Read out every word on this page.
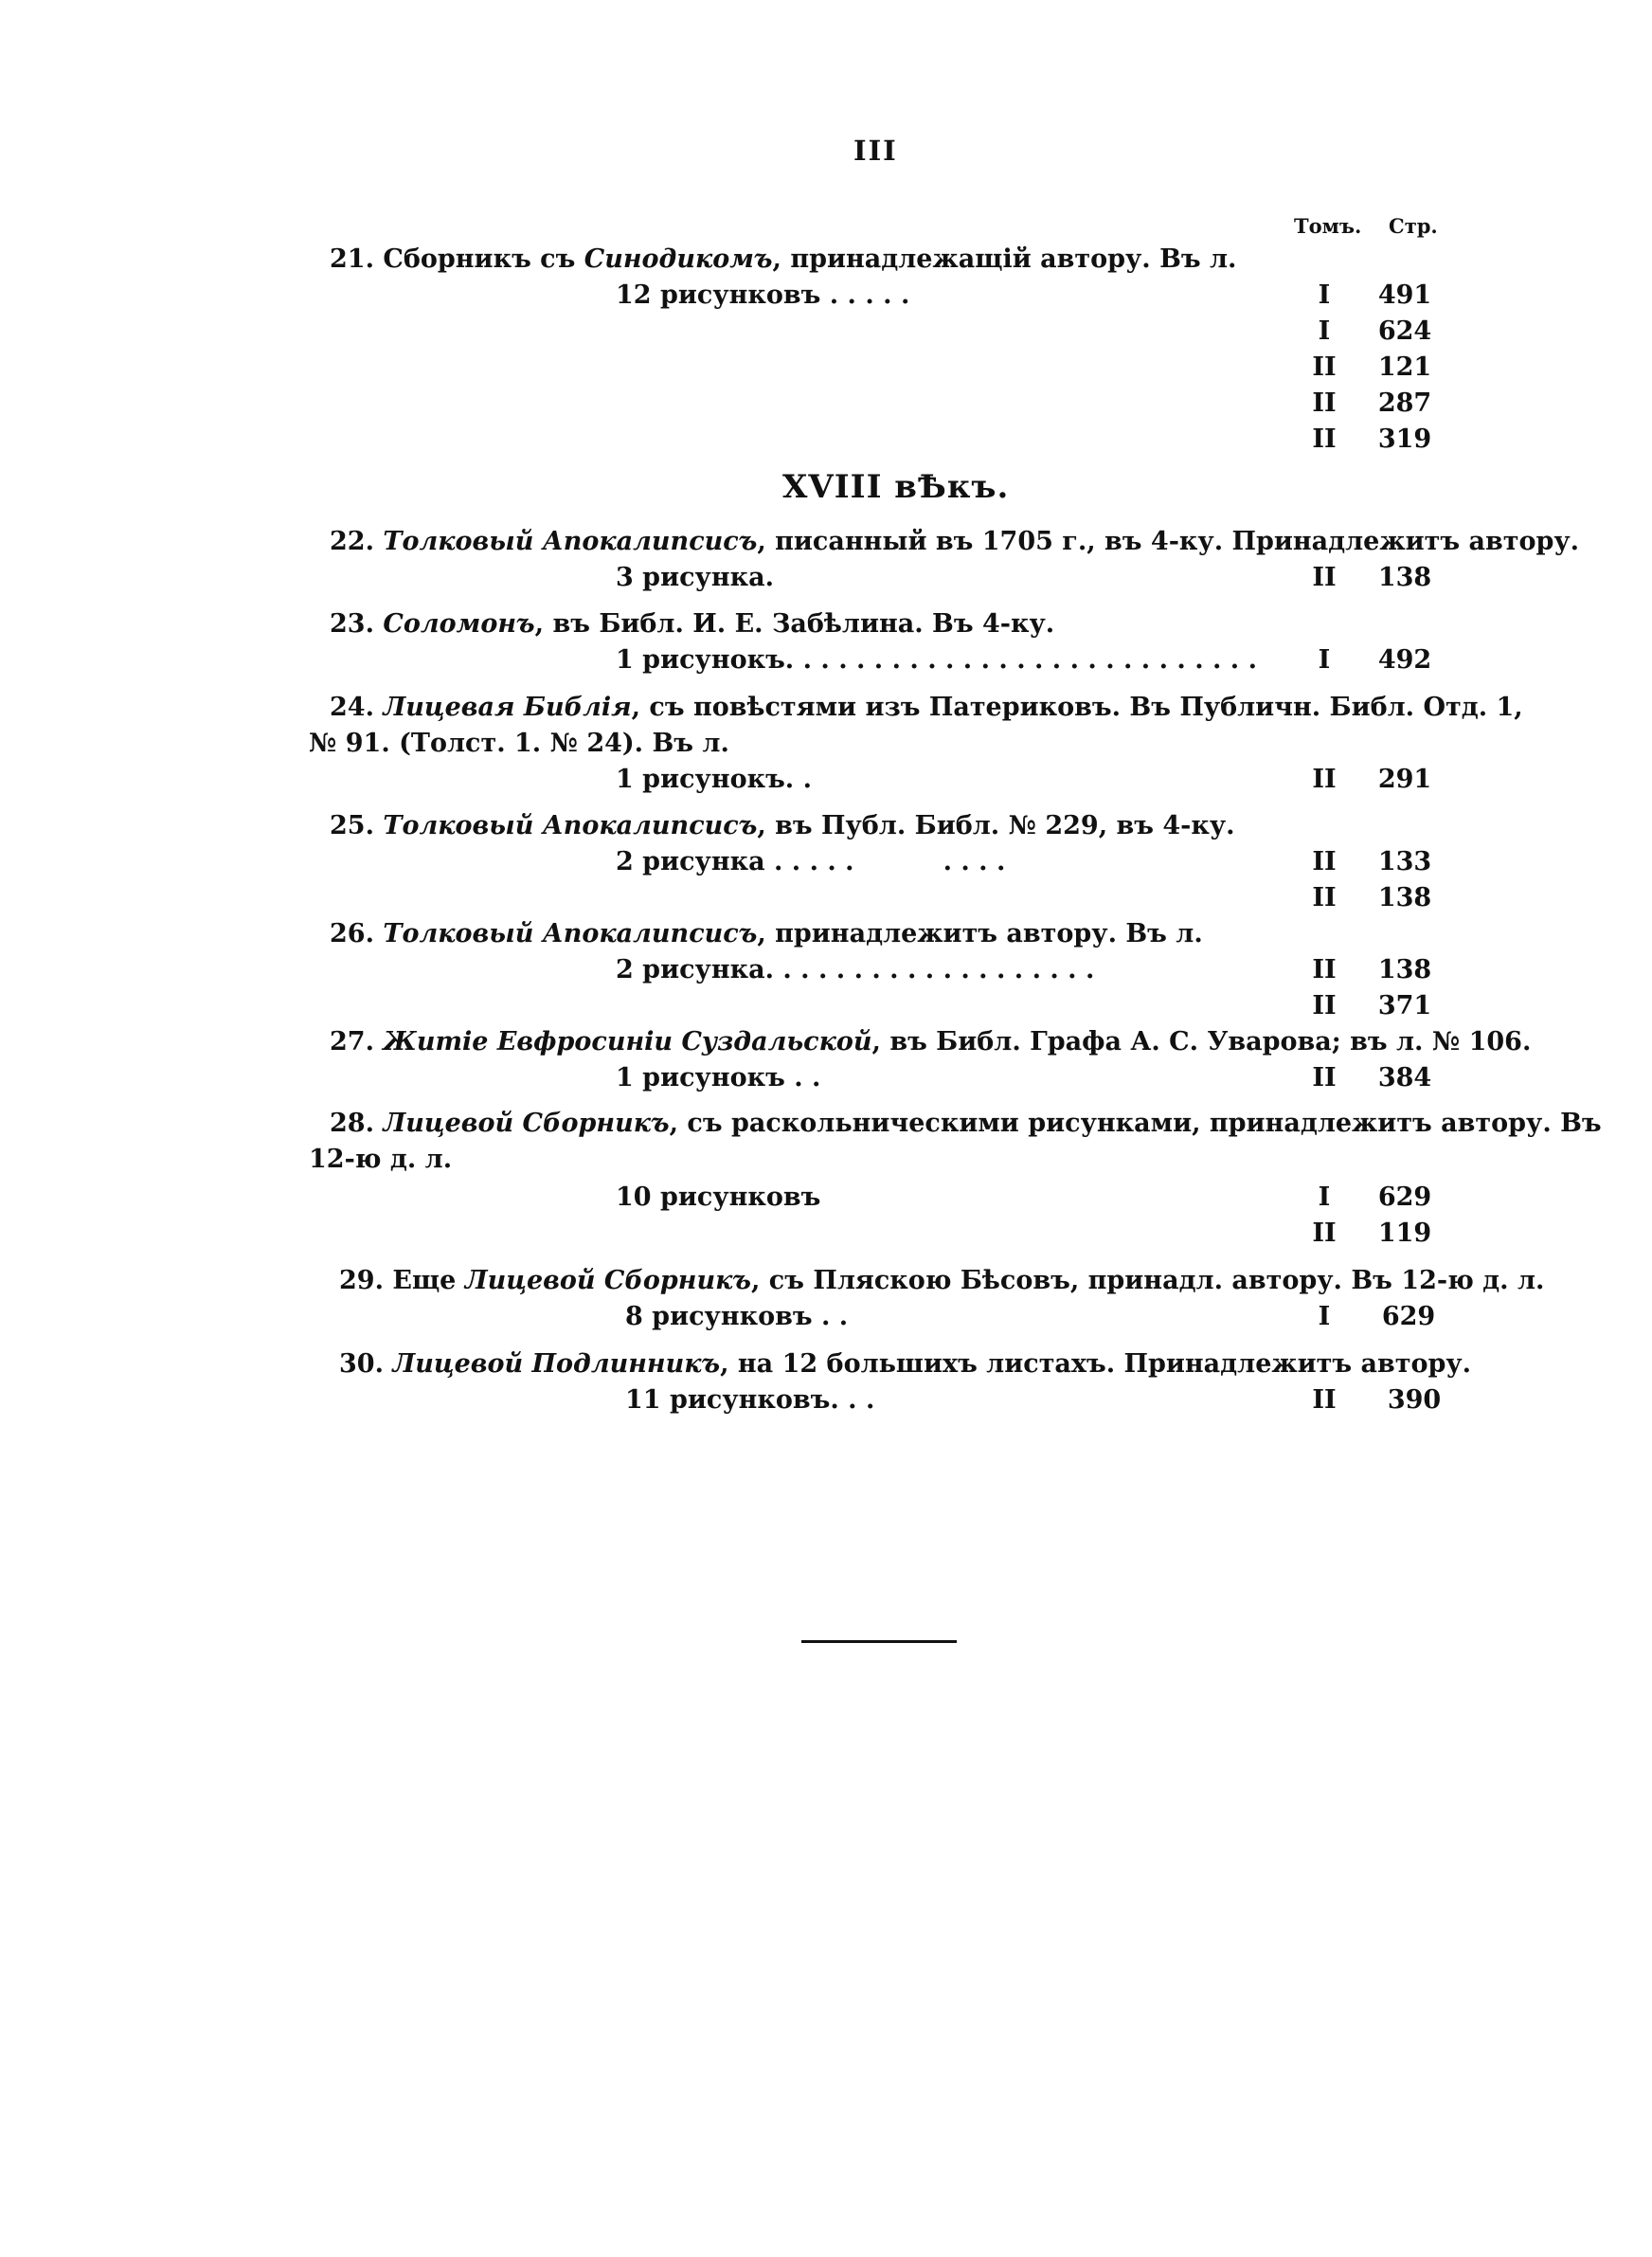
III
Томъ. Стр.
21. Сборникъ съ Синодикомъ, принадлежащій автору. Въ л.
12 рисунковъ . . . . .	I	491
I	624
II 121
II 287
II 319
XVIII вѢкъ.
22. Толковый Апокалипсисъ, писанный въ 1705 г., въ 4-ку. Принадлежитъ автору.
3 рисунка.	II 138
23. Соломонъ, въ Библ. И. Е. Забѣлина. Въ 4-ку.
1 рисунокъ. . . . . . . . . . . . . . . . . . . . . . . . . . .	I	492
24. Лицевая Библія, съ повѣстями изъ Патериковъ. Въ Публичн. Библ. Отд. 1,
№ 91. (Толст. 1. № 24). Въ л.
1 рисунокъ. .	II 291
25. Толковый Апокалипсисъ, въ Публ. Библ. № 229, въ 4-ку.
2 рисунка . . . . .          . . . .	II 133
II 138
26. Толковый Апокалипсисъ, принадлежитъ автору. Въ л.
2 рисунка. . . . . . . . . . . . . . . . . . .	II 138
II 371
27. Житіе Евфросиніи Суздальской, въ Библ. Графа А. С. Уварова; въ л. № 106.
1 рисунокъ . .	II 384
28. Лицевой Сборникъ, съ раскольническими рисунками, принадлежитъ автору. Въ
12-ю д. л.
10 рисунковъ	I	629
II 119
29. Еще Лицевой Сборникъ, съ Пляскою Бѣсовъ, принадл. автору. Въ 12-ю д. л.
8 рисунковъ . .	I	629
30. Лицевой Подлинникъ, на 12 большихъ листахъ. Принадлежитъ автору.
11 рисунковъ. . .	II 390
